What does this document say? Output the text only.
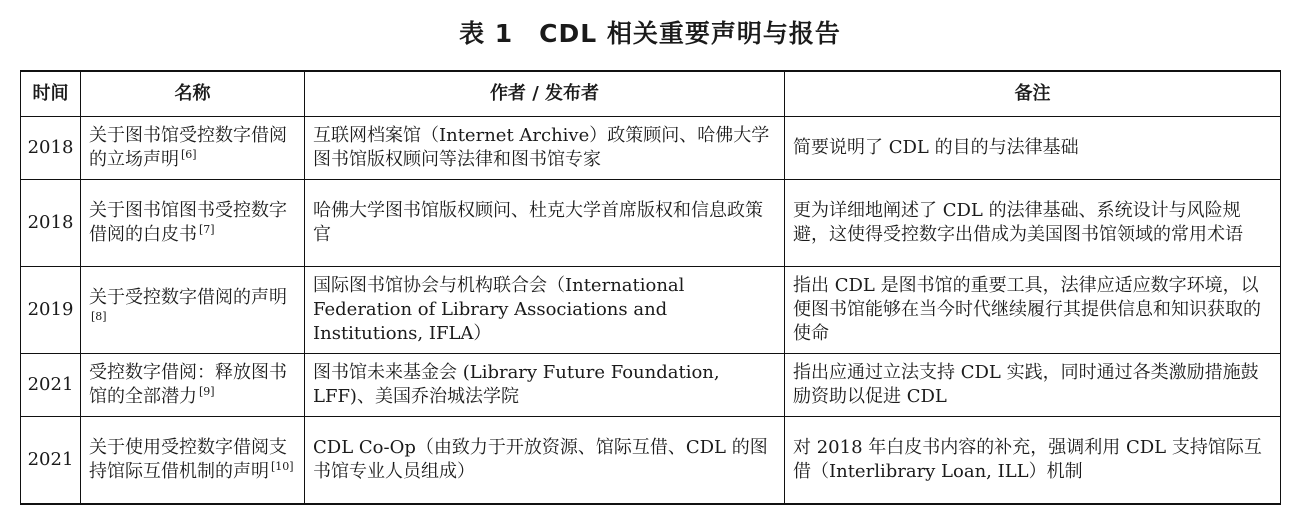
表 1　CDL 相关重要声明与报告
时间	名称	作者 / 发布者	备注
2018	关于图书馆受控数字借阅的立场声明 [6]	互联网档案馆（Internet Archive）政策顾问、哈佛大学图书馆版权顾问等法律和图书馆专家	简要说明了 CDL 的目的与法律基础
2018	关于图书馆图书受控数字借阅的白皮书 [7]	哈佛大学图书馆版权顾问、杜克大学首席版权和信息政策官	更为详细地阐述了 CDL 的法律基础、系统设计与风险规避，这使得受控数字出借成为美国图书馆领域的常用术语
2019	关于受控数字借阅的声明[8]	国际图书馆协会与机构联合会（International Federation of Library Associations and Institutions, IFLA）	指出 CDL 是图书馆的重要工具，法律应适应数字环境，以便图书馆能够在当今时代继续履行其提供信息和知识获取的使命
2021	受控数字借阅：释放图书馆的全部潜力 [9]	图书馆未来基金会 (Library Future Foundation, LFF)、美国乔治城法学院	指出应通过立法支持 CDL 实践，同时通过各类激励措施鼓励资助以促进 CDL
2021	关于使用受控数字借阅支持馆际互借机制的声明 [10]	CDL Co-Op（由致力于开放资源、馆际互借、CDL 的图书馆专业人员组成）	对 2018 年白皮书内容的补充，强调利用 CDL 支持馆际互借（Interlibrary Loan, ILL）机制
